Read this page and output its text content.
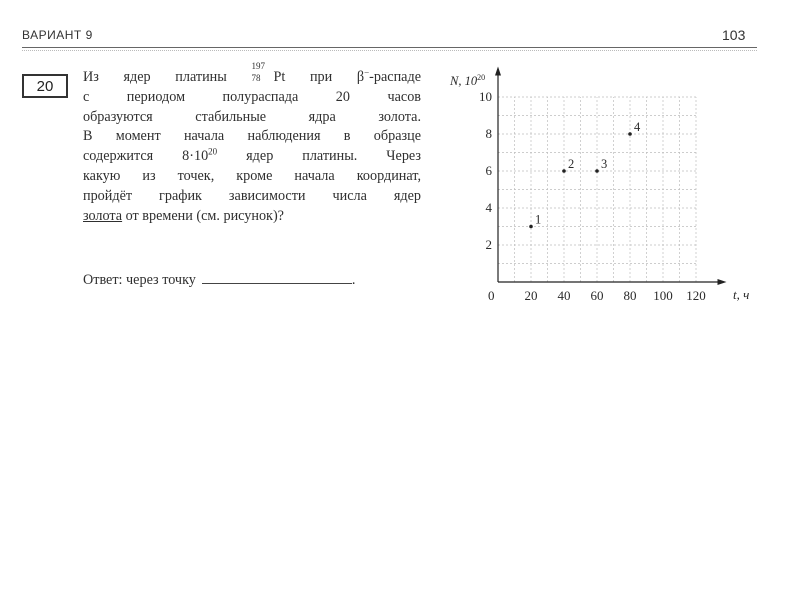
ВАРИАНТ 9	103
20
Из ядер платины
197
78 Pt при β−-распаде
с периодом полураспада 20 часов
образуются стабильные ядра золота.
В момент начала наблюдения в образце
содержится $8\cdot 10^{20}$ ядер платины. Через
какую из точек, кроме начала координат,
пройдёт график зависимости числа ядер
золота от времени (см. рисунок)?
Ответ: через точку	.
20 40 60 80 100 120
2
4
6
8
10
1
2 3
4
N, $10^{20}$
t, ч
0
